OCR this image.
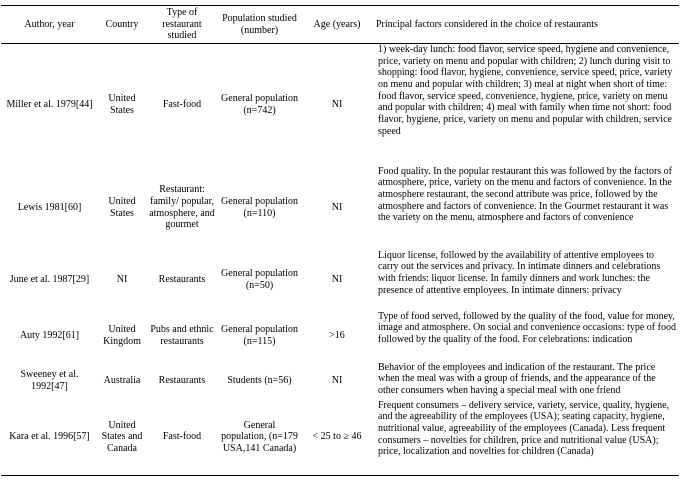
Author, year	Country	Type of restaurant studied	Population studied (number)	Age (years)	Principal factors considered in the choice of restaurants
Miller et al. 1979[44]	United States	Fast-food	General population (n=742)	NI	1) week-day lunch: food flavor, service speed, hygiene and convenience, price, variety on menu and popular with children; 2) lunch during visit to shopping: food flavor, hygiene, convenience, service speed, price, variety on menu and popular with children; 3) meal at night when short of time: food flavor, service speed, convenience, hygiene, price, variety on menu and popular with children; 4) meal with family when time not short: food flavor, hygiene, price, variety on menu and popular with children, service speed
Lewis 1981[60]	United States	Restaurant: family/ popular, atmosphere, and gourmet	General population (n=110)	NI	Food quality. In the popular restaurant this was followed by the factors of atmosphere, price, variety on the menu and factors of convenience. In the atmosphere restaurant, the second attribute was price, followed by the atmosphere and factors of convenience. In the Gourmet restaurant it was the variety on the menu, atmosphere and factors of convenience
June et al. 1987[29]	NI	Restaurants	General population (n=50)	NI	Liquor license, followed by the availability of attentive employees to carry out the services and privacy. In intimate dinners and celebrations with friends: liquor license. In family dinners and work lunches: the presence of attentive employees. In intimate dinners: privacy
Auty 1992[61]	United Kingdom	Pubs and ethnic restaurants	General population (n=115)	>16	Type of food served, followed by the quality of the food, value for money, image and atmosphere. On social and convenience occasions: type of food followed by the quality of the food. For celebrations: indication
Sweeney et al. 1992[47]	Australia	Restaurants	Students (n=56)	NI	Behavior of the employees and indication of the restaurant. The price when the meal was with a group of friends, and the appearance of the other consumers when having a special meal with one friend
Kara et al. 1996[57]	United States and Canada	Fast-food	General population, (n=179 USA,141 Canada)	< 25 to ≥ 46	Frequent consumers – delivery service, variety, service, quality, hygiene, and the agreeability of the employees (USA); seating capacity, hygiene, nutritional value, agreeability of the employees (Canada). Less frequent consumers – novelties for children, price and nutritional value (USA); price, localization and novelties for children (Canada)
